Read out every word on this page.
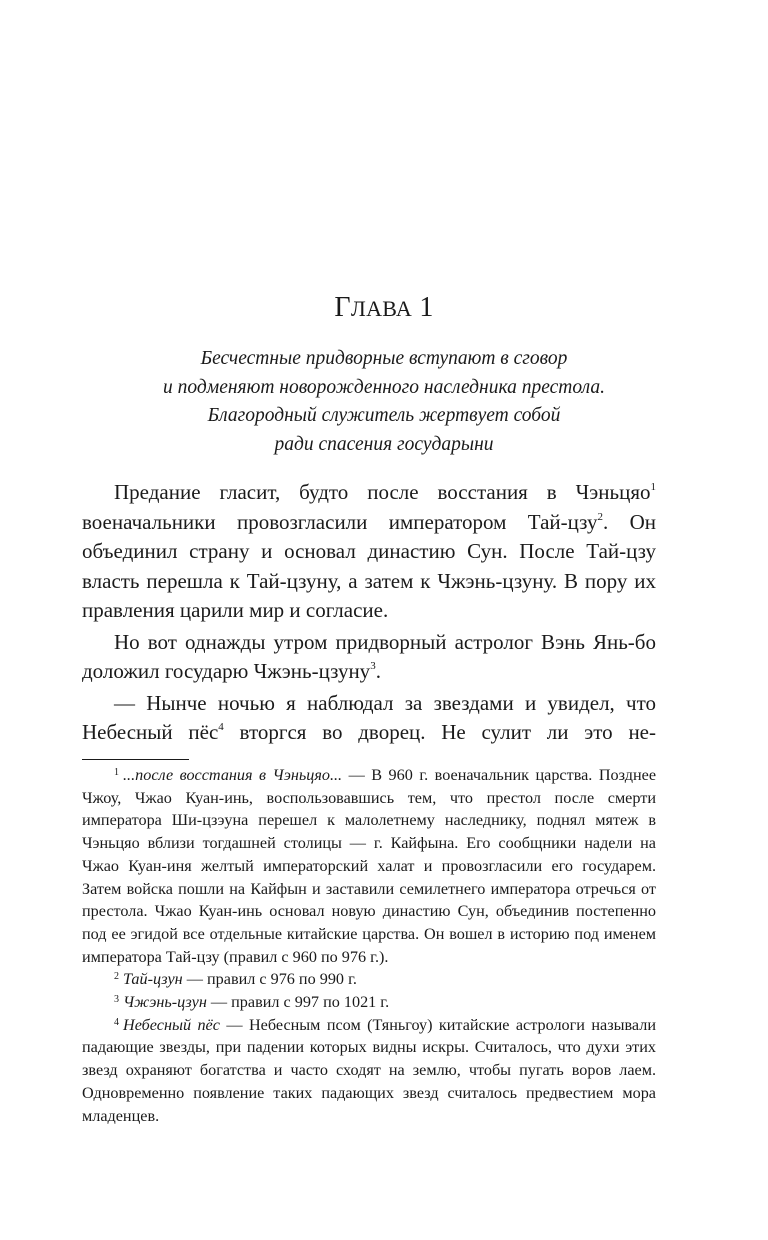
ГЛАВА 1
Бесчестные придворные вступают в сговор
и подменяют новорожденного наследника престола.
Благородный служитель жертвует собой
ради спасения государыни

Предание гласит, будто после восстания в Чэньцяо$^1$ военачальники провозгласили императором Тай-цзу$^2$. Он объединил страну и основал династию Сун. После Тай-цзу власть перешла к Тай-цзуну, а затем к Чжэнь-цзуну. В пору их правления царили мир и согласие.

Но вот однажды утром придворный астролог Вэнь Янь-бо доложил государю Чжэнь-цзуну$^3$.

— Нынче ночью я наблюдал за звездами и увидел, что Небесный пёс$^4$ вторгся во дворец. Не сулит ли это не-

$^1$ ...после восстания в Чэньцяо... — В 960 г. военачальник царства. Позднее Чжоу, Чжао Куан-инь, воспользовавшись тем, что престол после смерти императора Ши-цзэуна перешел к малолетнему наследнику, поднял мятеж в Чэньцяо вблизи тогдашней столицы — г. Кайфына. Его сообщники надели на Чжао Куан-иня желтый императорский халат и провозгласили его государем. Затем войска пошли на Кайфын и заставили семилетнего императора отречься от престола. Чжао Куан-инь основал новую династию Сун, объединив постепенно под ее эгидой все отдельные китайские царства. Он вошел в историю под именем императора Тай-цзу (правил с 960 по 976 г.).

$^2$ Тай-цзун — правил с 976 по 990 г.

$^3$ Чжэнь-цзун — правил с 997 по 1021 г.

$^4$ Небесный пёс — Небесным псом (Тяньгоу) китайские астрологи называли падающие звезды, при падении которых видны искры. Считалось, что духи этих звезд охраняют богатства и часто сходят на землю, чтобы пугать воров лаем. Одновременно появление таких падающих звезд считалось предвестием мора младенцев.
